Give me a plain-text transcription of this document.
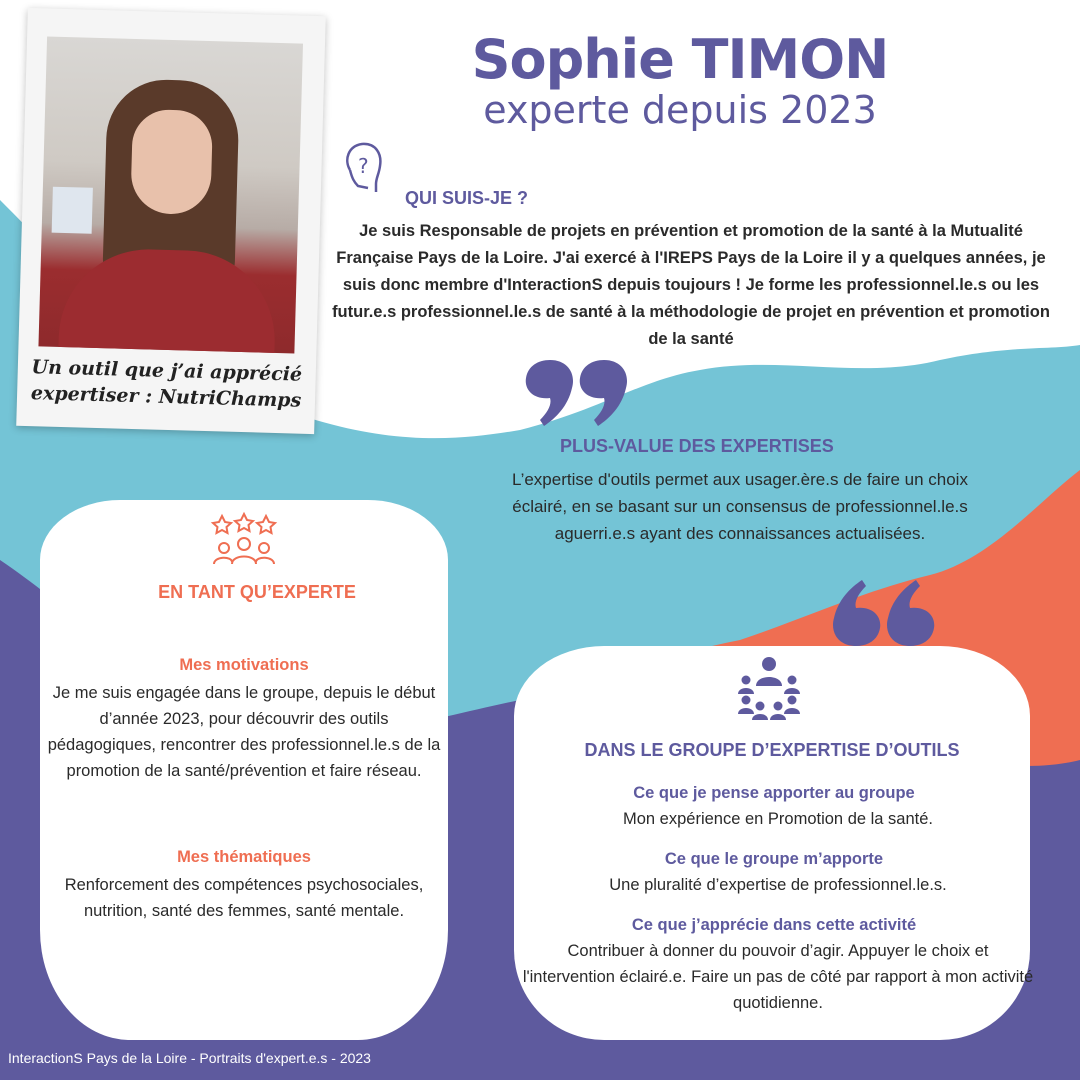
Un outil que j’ai apprécié
expertiser : NutriChamps
Sophie TIMON
experte depuis 2023
?
QUI SUIS-JE ?
Je suis Responsable de projets en prévention et promotion de la santé à la Mutualité Française Pays de la Loire. J'ai exercé à l'IREPS Pays de la Loire il y a quelques années, je suis donc membre d'InteractionS depuis toujours ! Je forme les professionnel.le.s ou les futur.e.s professionnel.le.s de santé à la méthodologie de projet en prévention et promotion de la santé
PLUS-VALUE DES EXPERTISES
L’expertise d'outils permet aux usager.ère.s de faire un choix éclairé, en se basant sur un consensus de professionnel.le.s aguerri.e.s ayant des connaissances actualisées.
EN TANT QU’EXPERTE
Mes motivations
Je me suis engagée dans le groupe, depuis le début d’année 2023, pour découvrir des outils pédagogiques, rencontrer des professionnel.le.s de la promotion de la santé/prévention et faire réseau.
Mes thématiques
Renforcement des compétences psychosociales, nutrition, santé des femmes, santé mentale.
DANS LE GROUPE D’EXPERTISE D’OUTILS
Ce que je pense apporter au groupe
Mon expérience en Promotion de la santé.
Ce que le groupe m’apporte
Une pluralité d’expertise de professionnel.le.s.
Ce que j’apprécie dans cette activité
Contribuer à donner du pouvoir d’agir. Appuyer le choix et l'intervention éclairé.e. Faire un pas de côté par rapport à mon activité quotidienne.
InteractionS Pays de la Loire - Portraits d'expert.e.s - 2023
